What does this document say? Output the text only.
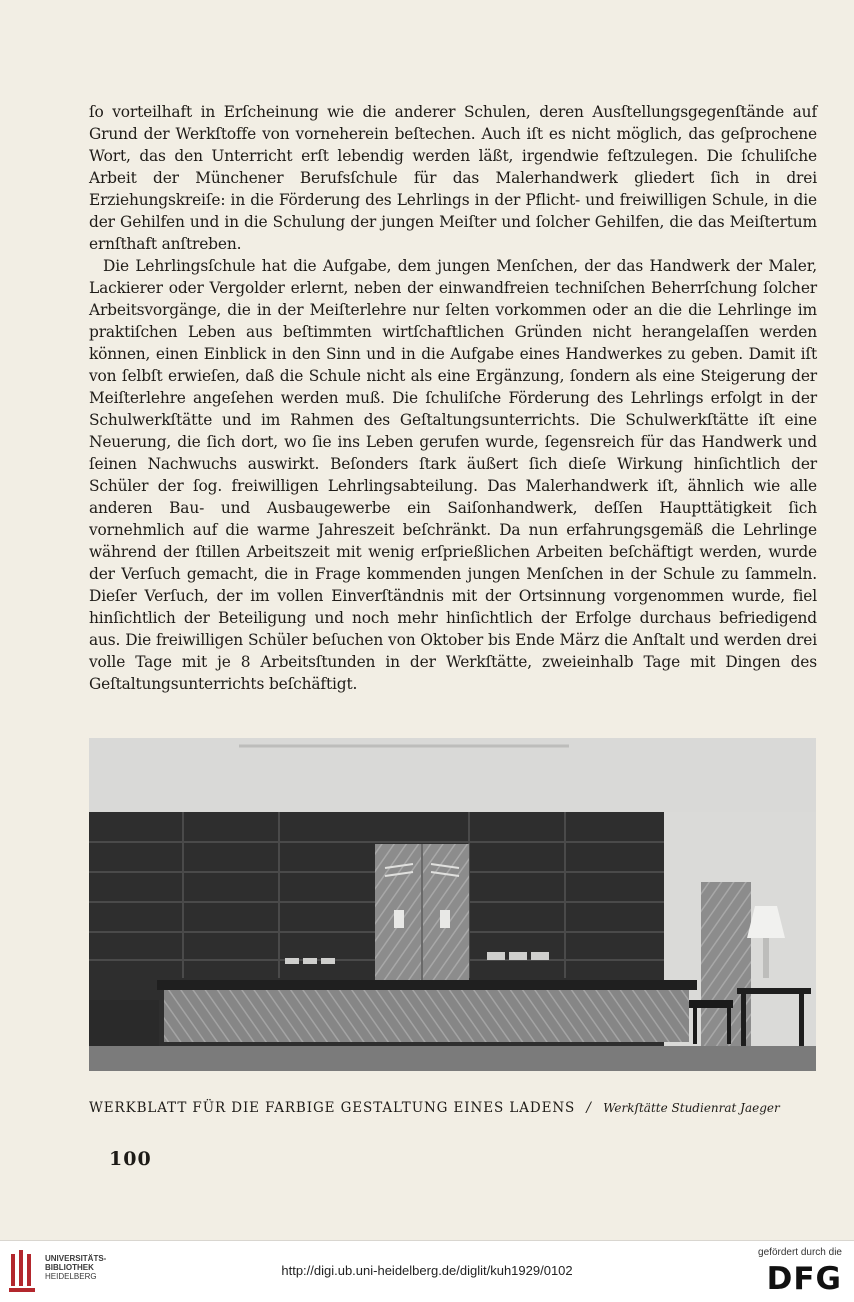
ſo vorteilhaft in Erſcheinung wie die anderer Schulen, deren Ausſtellungsgegenſtände auf Grund der Werkſtoffe von vorneherein beſtechen. Auch iſt es nicht möglich, das geſprochene Wort, das den Unterricht erſt lebendig werden läßt, irgendwie feſtzulegen. Die ſchuliſche Arbeit der Münchener Berufsſchule für das Malerhandwerk gliedert ſich in drei Erziehungskreiſe: in die Förderung des Lehrlings in der Pflicht- und freiwilligen Schule, in die der Gehilfen und in die Schulung der jungen Meiſter und ſolcher Gehilfen, die das Meiſtertum ernſthaft anſtreben.

Die Lehrlingsſchule hat die Aufgabe, dem jungen Menſchen, der das Handwerk der Maler, Lackierer oder Vergolder erlernt, neben der einwandfreien techniſchen Beherrſchung ſolcher Arbeitsvorgänge, die in der Meiſterlehre nur ſelten vorkommen oder an die die Lehrlinge im praktiſchen Leben aus beſtimmten wirtſchaftlichen Gründen nicht herangelaſſen werden können, einen Einblick in den Sinn und in die Aufgabe eines Handwerkes zu geben. Damit iſt von ſelbſt erwieſen, daß die Schule nicht als eine Ergänzung, ſondern als eine Steigerung der Meiſterlehre angeſehen werden muß. Die ſchuliſche Förderung des Lehrlings erfolgt in der Schulwerkſtätte und im Rahmen des Geſtaltungsunterrichts. Die Schulwerkſtätte iſt eine Neuerung, die ſich dort, wo ſie ins Leben gerufen wurde, ſegensreich für das Handwerk und ſeinen Nachwuchs auswirkt. Beſonders ſtark äußert ſich dieſe Wirkung hinſichtlich der Schüler der ſog. freiwilligen Lehrlingsabteilung. Das Malerhandwerk iſt, ähnlich wie alle anderen Bau- und Ausbaugewerbe ein Saiſonhandwerk, deſſen Haupttätigkeit ſich vornehmlich auf die warme Jahreszeit beſchränkt. Da nun erfahrungsgemäß die Lehrlinge während der ſtillen Arbeitszeit mit wenig erſprießlichen Arbeiten beſchäftigt werden, wurde der Verſuch gemacht, die in Frage kommenden jungen Menſchen in der Schule zu ſammeln. Dieſer Verſuch, der im vollen Einverſtändnis mit der Ortsinnung vorgenommen wurde, fiel hinſichtlich der Beteiligung und noch mehr hinſichtlich der Erfolge durchaus befriedigend aus. Die freiwilligen Schüler beſuchen von Oktober bis Ende März die Anſtalt und werden drei volle Tage mit je 8 Arbeitsſtunden in der Werkſtätte, zweieinhalb Tage mit Dingen des Geſtaltungsunterrichts beſchäftigt.

WERKBLATT FÜR DIE FARBIGE GESTALTUNG EINES LADENS / Werkſtätte Studienrat Jaeger
100
UNIVERSITÄTS-
BIBLIOTHEK
HEIDELBERG	http://digi.ub.uni-heidelberg.de/diglit/kuh1929/0102
gefördert durch die
DFG
